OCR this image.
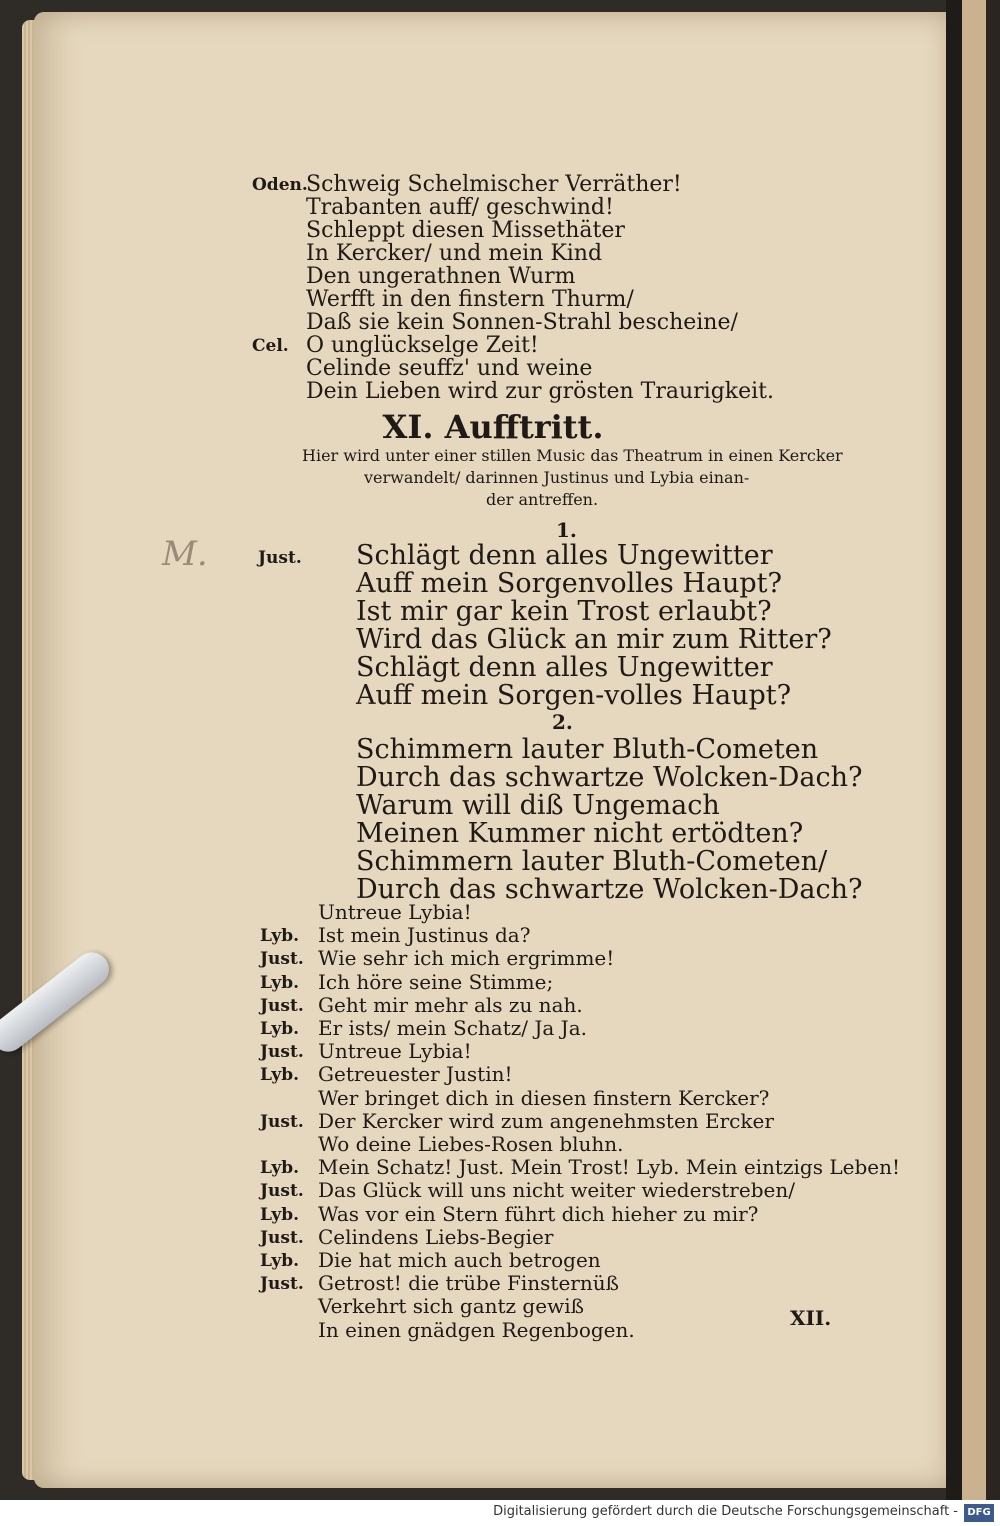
M.
Oden.
Schweig Schelmischer Verräther!
Trabanten auff/ geschwind!
Schleppt diesen Missethäter
In Kercker/ und mein Kind
Den ungerathnen Wurm
Werfft in den finstern Thurm/
Daß sie kein Sonnen-Strahl bescheine/
Cel. O unglückselge Zeit!
Celinde seuffz' und weine
Dein Lieben wird zur grösten Traurigkeit.
XI. Aufftritt.
Hier wird unter einer stillen Music das Theatrum in einen Kercker
verwandelt/ darinnen Justinus und Lybia einan-
der antreffen.
1.
Just. Schlägt denn alles Ungewitter
Auff mein Sorgenvolles Haupt?
Ist mir gar kein Trost erlaubt?
Wird das Glück an mir zum Ritter?
Schlägt denn alles Ungewitter
Auff mein Sorgen-volles Haupt?
2.
Schimmern lauter Bluth-Cometen
Durch das schwartze Wolcken-Dach?
Warum will diß Ungemach
Meinen Kummer nicht ertödten?
Schimmern lauter Bluth-Cometen/
Durch das schwartze Wolcken-Dach?
Untreue Lybia!
Lyb. Ist mein Justinus da?
Just. Wie sehr ich mich ergrimme!
Lyb. Ich höre seine Stimme;
Just. Geht mir mehr als zu nah.
Lyb. Er ists/ mein Schatz/ Ja Ja.
Just. Untreue Lybia!
Lyb. Getreuester Justin!
Wer bringet dich in diesen finstern Kercker?
Just. Der Kercker wird zum angenehmsten Ercker
Wo deine Liebes-Rosen bluhn.
Lyb. Mein Schatz! Just. Mein Trost! Lyb. Mein eintzigs Leben!
Just. Das Glück will uns nicht weiter wiederstreben/
Lyb. Was vor ein Stern führt dich hieher zu mir?
Just. Celindens Liebs-Begier
Lyb. Die hat mich auch betrogen
Just. Getrost! die trübe Finsternüß
Verkehrt sich gantz gewiß
In einen gnädgen Regenbogen.	XII.
Digitalisierung gefördert durch die Deutsche Forschungsgemeinschaft - DFG
